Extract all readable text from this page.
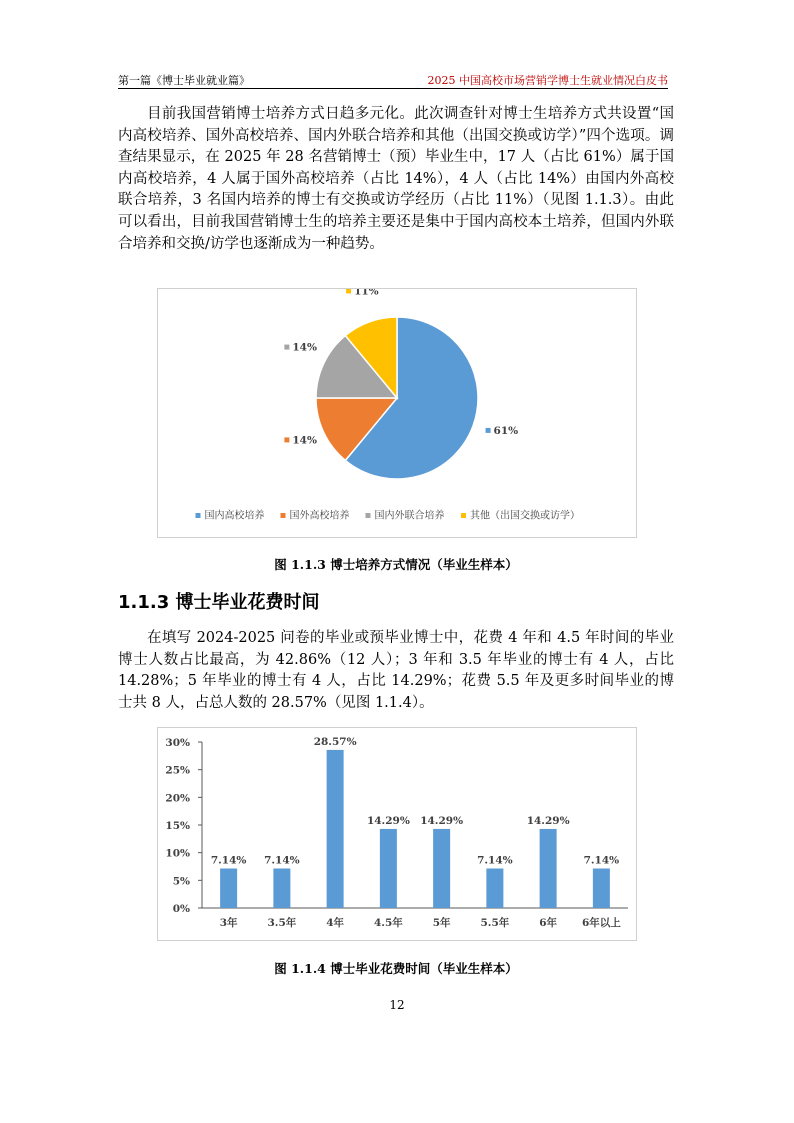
第一篇《博士毕业就业篇》	2025 中国高校市场营销学博士生就业情况白皮书

目前我国营销博士培养方式日趋多元化。此次调查针对博士生培养方式共设置“国内高校培养、国外高校培养、国内外联合培养和其他（出国交换或访学）”四个选项。调查结果显示，在 2025 年 28 名营销博士（预）毕业生中，17 人（占比 61%）属于国内高校培养，4 人属于国外高校培养（占比 14%），4 人（占比 14%）由国内外高校联合培养，3 名国内培养的博士有交换或访学经历（占比 11%）（见图 1.1.3）。由此可以看出，目前我国营销博士生的培养主要还是集中于国内高校本土培养，但国内外联合培养和交换/访学也逐渐成为一种趋势。

61%
14%
14%
11%
国内高校培养	国外高校培养	国内外联合培养	其他（出国交换或访学）
图 1.1.3 博士培养方式情况（毕业生样本）
1.1.3 博士毕业花费时间

在填写 2024-2025 问卷的毕业或预毕业博士中，花费 4 年和 4.5 年时间的毕业博士人数占比最高，为 42.86%（12 人）；3 年和 3.5 年毕业的博士有 4 人，占比 14.28%；5 年毕业的博士有 4 人，占比 14.29%；花费 5.5 年及更多时间毕业的博士共 8 人，占总人数的 28.57%（见图 1.1.4）。

0%
5%
10%
15%
20%
25%
30%
7.14%
3年
7.14%
3.5年
28.57%
4年
14.29%
4.5年
14.29%
5年
7.14%
5.5年
14.29%
6年
7.14%
6年以上
图 1.1.4 博士毕业花费时间（毕业生样本）
12
